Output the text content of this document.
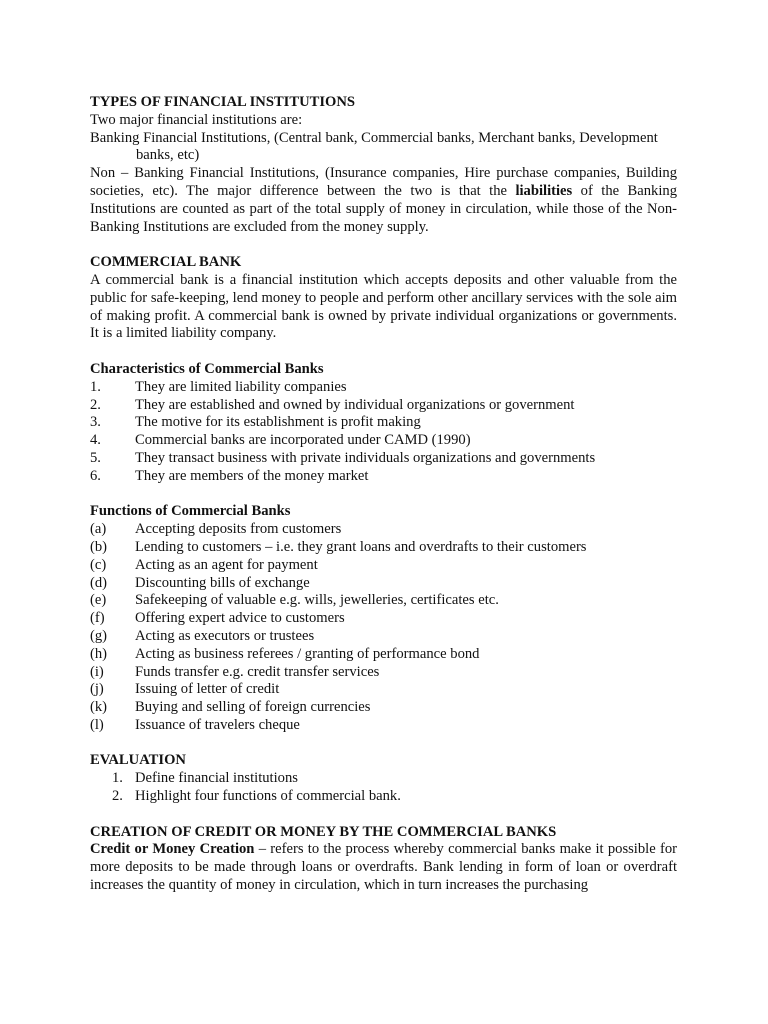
TYPES OF FINANCIAL INSTITUTIONS

Two major financial institutions are:

Banking Financial Institutions, (Central bank, Commercial banks, Merchant banks, Development banks, etc)

Non – Banking Financial Institutions, (Insurance companies, Hire purchase companies, Building societies, etc). The major difference between the two is that the liabilities of the Banking Institutions are counted as part of the total supply of money in circulation, while those of the Non-Banking Institutions are excluded from the money supply.

COMMERCIAL BANK

A commercial bank is a financial institution which accepts deposits and other valuable from the public for safe-keeping, lend money to people and perform other ancillary services with the sole aim of making profit. A commercial bank is owned by private individual organizations or governments. It is a limited liability company.

Characteristics of Commercial Banks

1.	They are limited liability companies
2.	They are established and owned by individual organizations or government
3.	The motive for its establishment is profit making
4.	Commercial banks are incorporated under CAMD (1990)
5.	They transact business with private individuals organizations and governments
6.	They are members of the money market

Functions of Commercial Banks

(a)	Accepting deposits from customers
(b)	Lending to customers – i.e. they grant loans and overdrafts to their customers
(c)	Acting as an agent for payment
(d)	Discounting bills of exchange
(e)	Safekeeping of valuable e.g. wills, jewelleries, certificates etc.
(f)	Offering expert advice to customers
(g)	Acting as executors or trustees
(h)	Acting as business referees / granting of performance bond
(i)	Funds transfer e.g. credit transfer services
(j)	Issuing of letter of credit
(k)	Buying and selling of foreign currencies
(l)	Issuance of travelers cheque

EVALUATION

1. Define financial institutions
2. Highlight four functions of commercial bank.

CREATION OF CREDIT OR MONEY BY THE COMMERCIAL BANKS

Credit or Money Creation – refers to the process whereby commercial banks make it possible for more deposits to be made through loans or overdrafts. Bank lending in form of loan or overdraft increases the quantity of money in circulation, which in turn increases the purchasing
